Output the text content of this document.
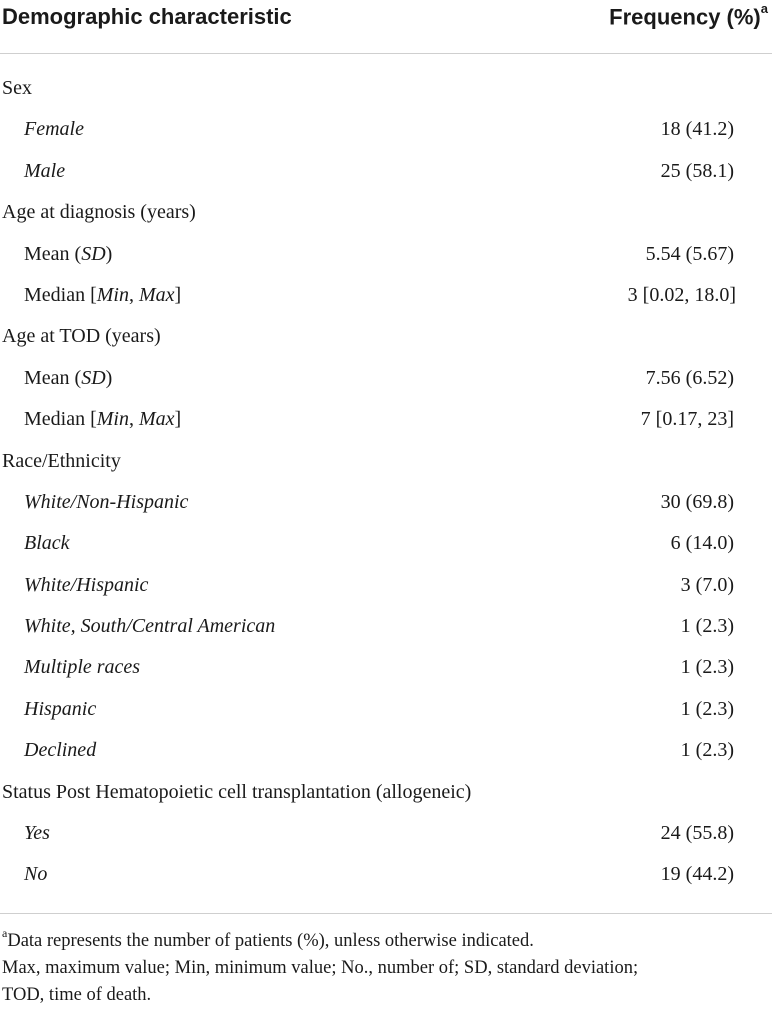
Demographic characteristic	Frequency (%)$^a$
Sex
Female	18 (41.2)
Male	25 (58.1)
Age at diagnosis (years)
Mean (SD)	5.54 (5.67)
Median [Min, Max]	3 [0.02, 18.0]
Age at TOD (years)
Mean (SD)	7.56 (6.52)
Median [Min, Max]	7 [0.17, 23]
Race/Ethnicity
White/Non-Hispanic	30 (69.8)
Black	6 (14.0)
White/Hispanic	3 (7.0)
White, South/Central American	1 (2.3)
Multiple races	1 (2.3)
Hispanic	1 (2.3)
Declined	1 (2.3)
Status Post Hematopoietic cell transplantation (allogeneic)
Yes	24 (55.8)
No	19 (44.2)
$^a$Data represents the number of patients (%), unless otherwise indicated.
Max, maximum value; Min, minimum value; No., number of; SD, standard deviation;
TOD, time of death.
